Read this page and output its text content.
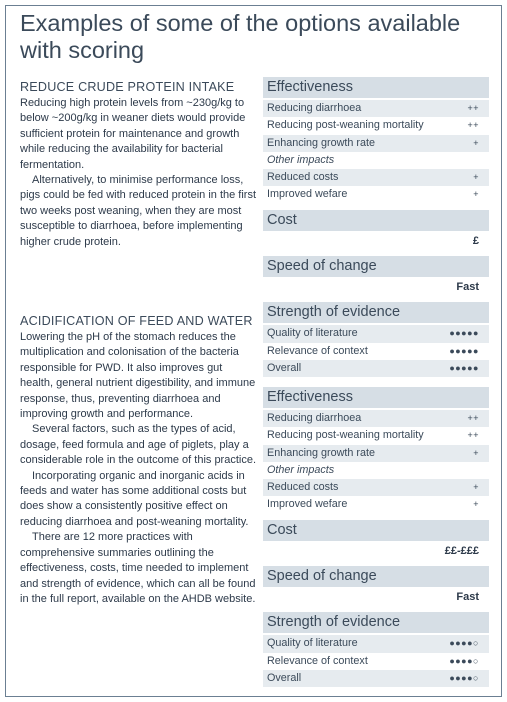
Examples of some of the options available with scoring
REDUCE CRUDE PROTEIN INTAKE

Reducing high protein levels from ~230g/kg to below ~200g/kg in weaner diets would provide sufficient protein for maintenance and growth while reducing the availability for bacterial fermentation.

Alternatively, to minimise performance loss, pigs could be fed with reduced protein in the first two weeks post weaning, when they are most susceptible to diarrhoea, before implementing higher crude protein.

ACIDIFICATION OF FEED AND WATER

Lowering the pH of the stomach reduces the multiplication and colonisation of the bacteria responsible for PWD. It also improves gut health, general nutrient digestibility, and immune response, thus, preventing diarrhoea and improving growth and performance.

Several factors, such as the types of acid, dosage, feed formula and age of piglets, play a considerable role in the outcome of this practice.

Incorporating organic and inorganic acids in feeds and water has some additional costs but does show a consistently positive effect on reducing diarrhoea and post-weaning mortality.

There are 12 more practices with comprehensive summaries outlining the effectiveness, costs, time needed to implement and strength of evidence, which can all be found in the full report, available on the AHDB website.

Effectiveness
Reducing diarrhoea	++
Reducing post-weaning mortality	++
Enhancing growth rate	+
Other impacts
Reduced costs	+
Improved wefare	+
Cost
£
Speed of change
Fast
Strength of evidence
Quality of literature	●●●●●
Relevance of context	●●●●●
Overall	●●●●●
Effectiveness
Reducing diarrhoea	++
Reducing post-weaning mortality	++
Enhancing growth rate	+
Other impacts
Reduced costs	+
Improved wefare	+
Cost
££-£££
Speed of change
Fast
Strength of evidence
Quality of literature	●●●●○
Relevance of context	●●●●○
Overall	●●●●○
